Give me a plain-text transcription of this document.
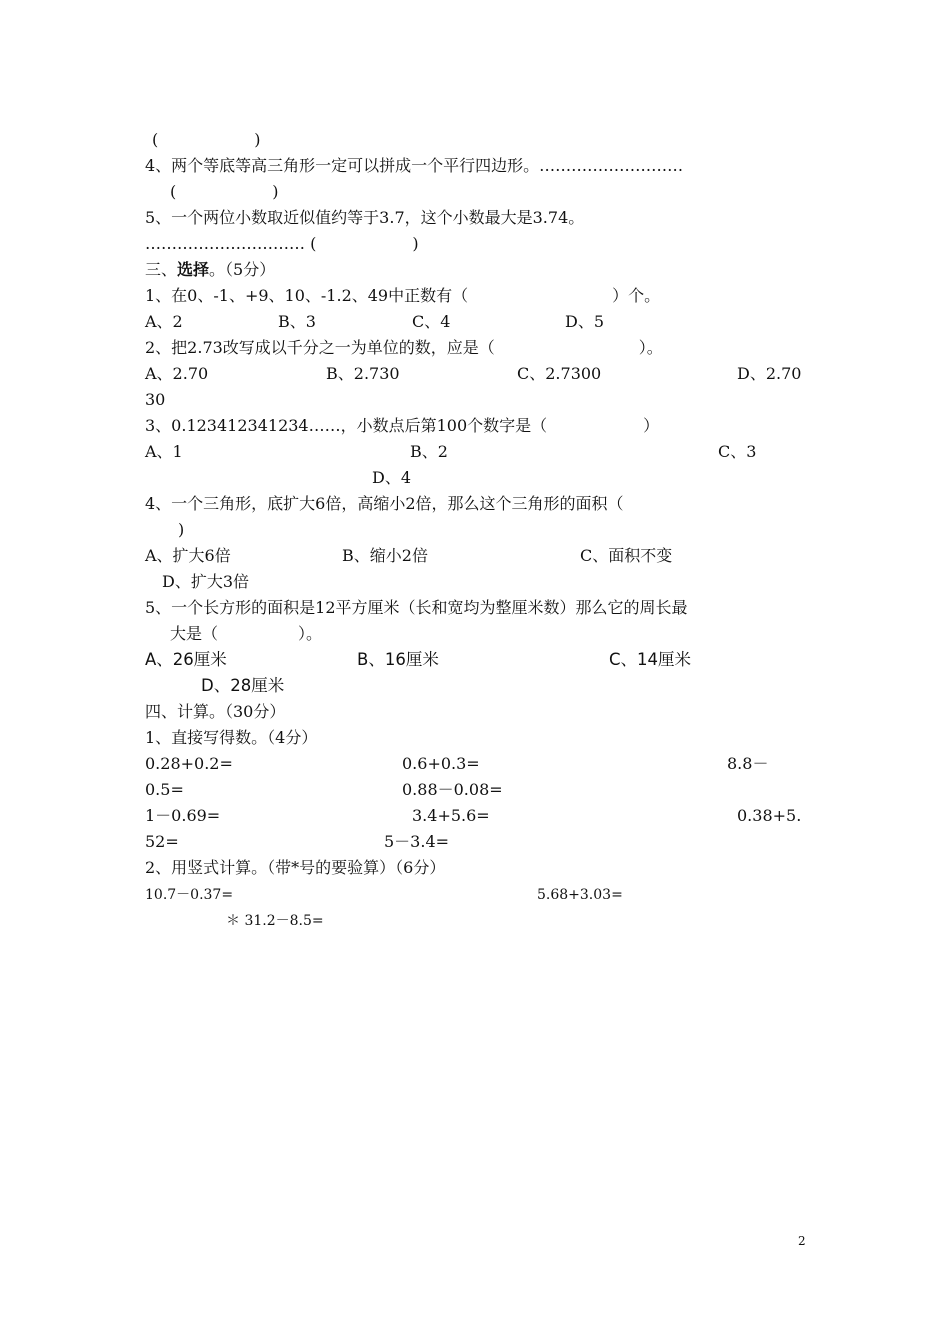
(　　　　　　)
4、两个等底等高三角形一定可以拼成一个平行四边形。………………………
(　　　　　　)
5、一个两位小数取近似值约等于3.7，这个小数最大是3.74。
………………………… (　　　　　　)
三、选择。（5分）
1、在0、-1、+9、10、-1.2、49中正数有（　　　　　　　　　）个。
A、2	B、3	C、4	D、5
2、把2.73改写成以千分之一为单位的数，应是（　　　　　　　　　）。
A、2.70	B、2.730	C、2.7300	D、2.70
30
3、0.123412341234……，小数点后第100个数字是（　　　　　　）
A、1	B、2	C、3
D、4
4、一个三角形，底扩大6倍，高缩小2倍，那么这个三角形的面积（
)
A、扩大6倍	B、缩小2倍	C、面积不变
D、扩大3倍
5、一个长方形的面积是12平方厘米（长和宽均为整厘米数）那么它的周长最
大是（　　　　　）。
A、26厘米	B、16厘米	C、14厘米
D、28厘米
四、计算。（30分）
1、直接写得数。（4分）
0.28+0.2=	0.6+0.3=	8.8－
0.5=	0.88－0.08=
1－0.69=	3.4+5.6=	0.38+5.
52=	5－3.4=
2、用竖式计算。（带*号的要验算）（6分）
10.7－0.37=	5.68+3.03=
＊ 31.2－8.5=
2
